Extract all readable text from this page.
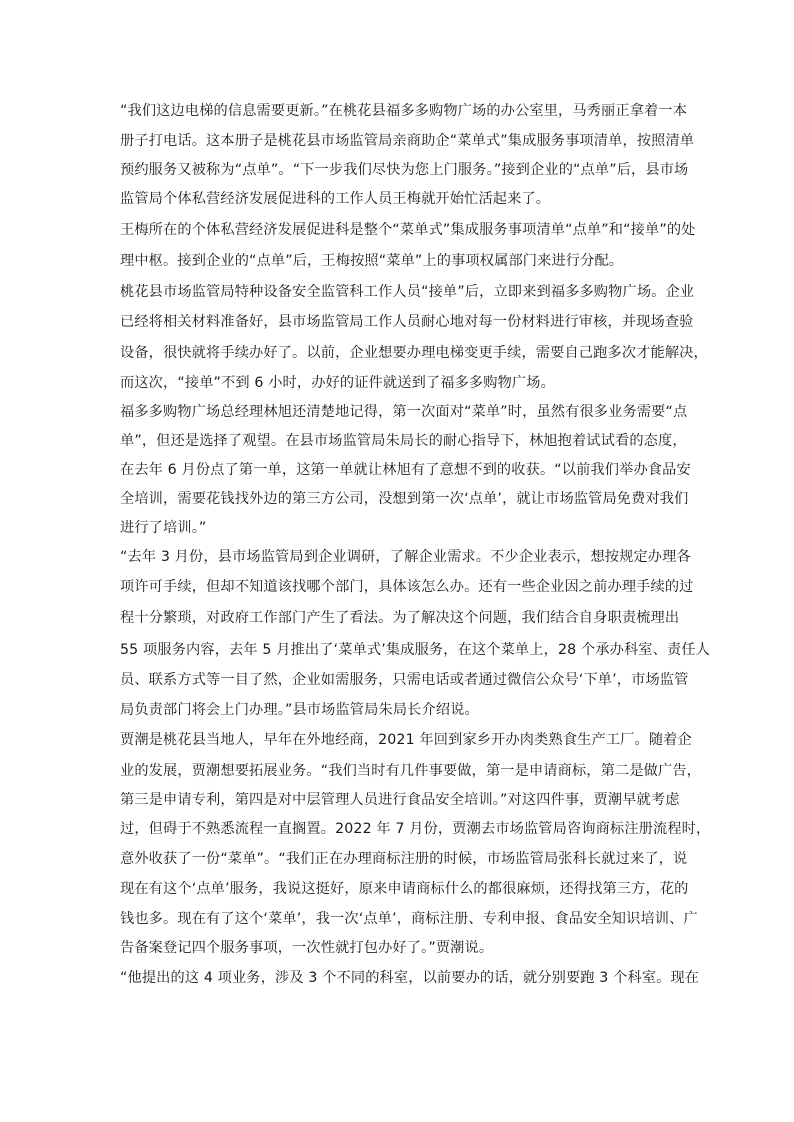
“我们这边电梯的信息需要更新。”在桃花县福多多购物广场的办公室里，马秀丽正拿着一本
册子打电话。这本册子是桃花县市场监管局亲商助企“菜单式”集成服务事项清单，按照清单
预约服务又被称为“点单”。“下一步我们尽快为您上门服务。”接到企业的“点单”后，县市场
监管局个体私营经济发展促进科的工作人员王梅就开始忙活起来了。
王梅所在的个体私营经济发展促进科是整个“菜单式”集成服务事项清单“点单”和“接单”的处
理中枢。接到企业的“点单”后，王梅按照“菜单”上的事项权属部门来进行分配。
桃花县市场监管局特种设备安全监管科工作人员“接单”后，立即来到福多多购物广场。企业
已经将相关材料准备好，县市场监管局工作人员耐心地对每一份材料进行审核，并现场查验
设备，很快就将手续办好了。以前，企业想要办理电梯变更手续，需要自己跑多次才能解决，
而这次，“接单”不到 6 小时，办好的证件就送到了福多多购物广场。
福多多购物广场总经理林旭还清楚地记得，第一次面对“菜单”时，虽然有很多业务需要“点
单”，但还是选择了观望。在县市场监管局朱局长的耐心指导下，林旭抱着试试看的态度，
在去年 6 月份点了第一单，这第一单就让林旭有了意想不到的收获。“以前我们举办食品安
全培训，需要花钱找外边的第三方公司，没想到第一次‘点单’，就让市场监管局免费对我们
进行了培训。”
“去年 3 月份，县市场监管局到企业调研，了解企业需求。不少企业表示，想按规定办理各
项许可手续，但却不知道该找哪个部门，具体该怎么办。还有一些企业因之前办理手续的过
程十分繁琐，对政府工作部门产生了看法。为了解决这个问题，我们结合自身职责梳理出
55 项服务内容，去年 5 月推出了‘菜单式’集成服务，在这个菜单上，28 个承办科室、责任人
员、联系方式等一目了然，企业如需服务，只需电话或者通过微信公众号‘下单’，市场监管
局负责部门将会上门办理。”县市场监管局朱局长介绍说。
贾潮是桃花县当地人，早年在外地经商，2021 年回到家乡开办肉类熟食生产工厂。随着企
业的发展，贾潮想要拓展业务。“我们当时有几件事要做，第一是申请商标，第二是做广告，
第三是申请专利，第四是对中层管理人员进行食品安全培训。”对这四件事，贾潮早就考虑
过，但碍于不熟悉流程一直搁置。2022 年 7 月份，贾潮去市场监管局咨询商标注册流程时，
意外收获了一份“菜单”。“我们正在办理商标注册的时候，市场监管局张科长就过来了，说
现在有这个‘点单’服务，我说这挺好，原来申请商标什么的都很麻烦，还得找第三方，花的
钱也多。现在有了这个‘菜单’，我一次‘点单’，商标注册、专利申报、食品安全知识培训、广
告备案登记四个服务事项，一次性就打包办好了。”贾潮说。
“他提出的这 4 项业务，涉及 3 个不同的科室，以前要办的话，就分别要跑 3 个科室。现在
